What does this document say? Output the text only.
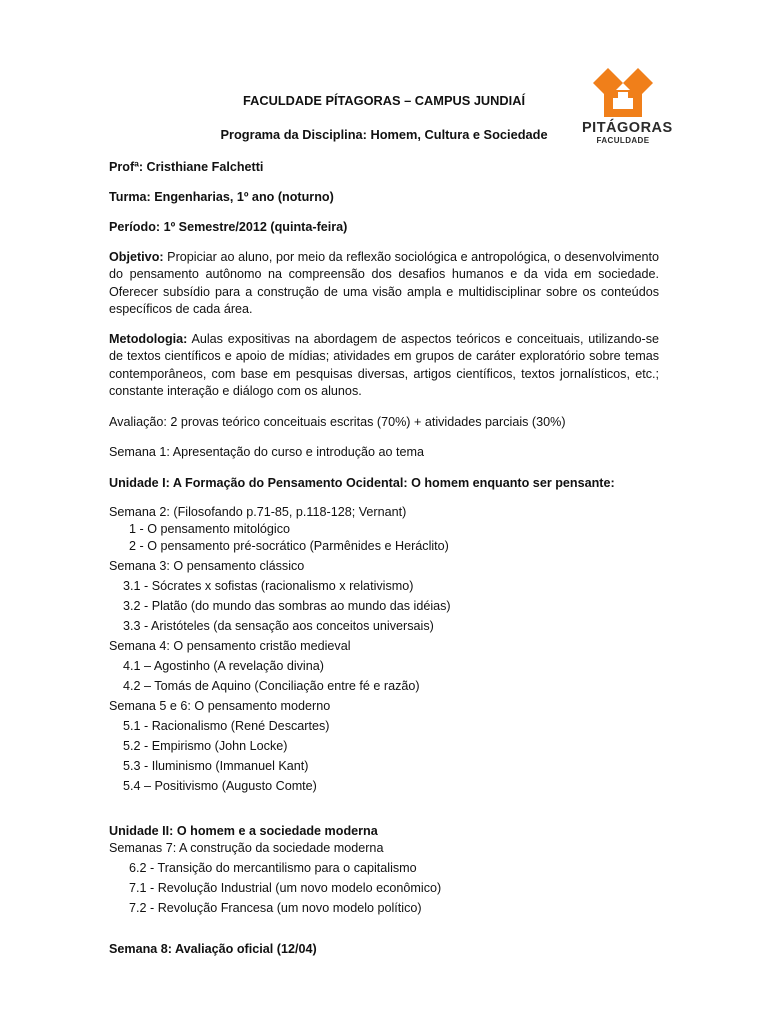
PITÁGORAS
FACULDADE
FACULDADE PÍTAGORAS – CAMPUS JUNDIAÍ
Programa da Disciplina: Homem, Cultura e Sociedade

Profª: Cristhiane Falchetti

Turma: Engenharias, 1º ano (noturno)

Período: 1º Semestre/2012 (quinta-feira)

Objetivo: Propiciar ao aluno, por meio da reflexão sociológica e antropológica, o desenvolvimento do pensamento autônomo na compreensão dos desafios humanos e da vida em sociedade. Oferecer subsídio para a construção de uma visão ampla e multidisciplinar sobre os conteúdos específicos de cada área.

Metodologia: Aulas expositivas na abordagem de aspectos teóricos e conceituais, utilizando-se de textos científicos e apoio de mídias; atividades em grupos de caráter exploratório sobre temas contemporâneos, com base em pesquisas diversas, artigos científicos, textos jornalísticos, etc.; constante interação e diálogo com os alunos.

Avaliação: 2 provas teórico conceituais escritas (70%) + atividades parciais (30%)

Semana 1: Apresentação do curso e introdução ao tema

Unidade I: A Formação do Pensamento Ocidental: O homem enquanto ser pensante:

Semana 2: (Filosofando p.71-85, p.118-128; Vernant)

1 - O pensamento mitológico

2 - O pensamento pré-socrático (Parmênides e Heráclito)

Semana 3: O pensamento clássico

3.1 - Sócrates x sofistas (racionalismo x relativismo)

3.2 - Platão (do mundo das sombras ao mundo das idéias)

3.3 - Aristóteles (da sensação aos conceitos universais)

Semana 4: O pensamento cristão medieval

4.1 – Agostinho (A revelação divina)

4.2 – Tomás de Aquino (Conciliação entre fé e razão)

Semana 5 e 6: O pensamento moderno

5.1 - Racionalismo (René Descartes)

5.2 - Empirismo (John Locke)

5.3 - Iluminismo (Immanuel Kant)

5.4 – Positivismo (Augusto Comte)

Unidade II: O homem e a sociedade moderna

Semanas 7: A construção da sociedade moderna

6.2 - Transição do mercantilismo para o capitalismo

7.1 - Revolução Industrial (um novo modelo econômico)

7.2 - Revolução Francesa (um novo modelo político)

Semana 8: Avaliação oficial (12/04)
